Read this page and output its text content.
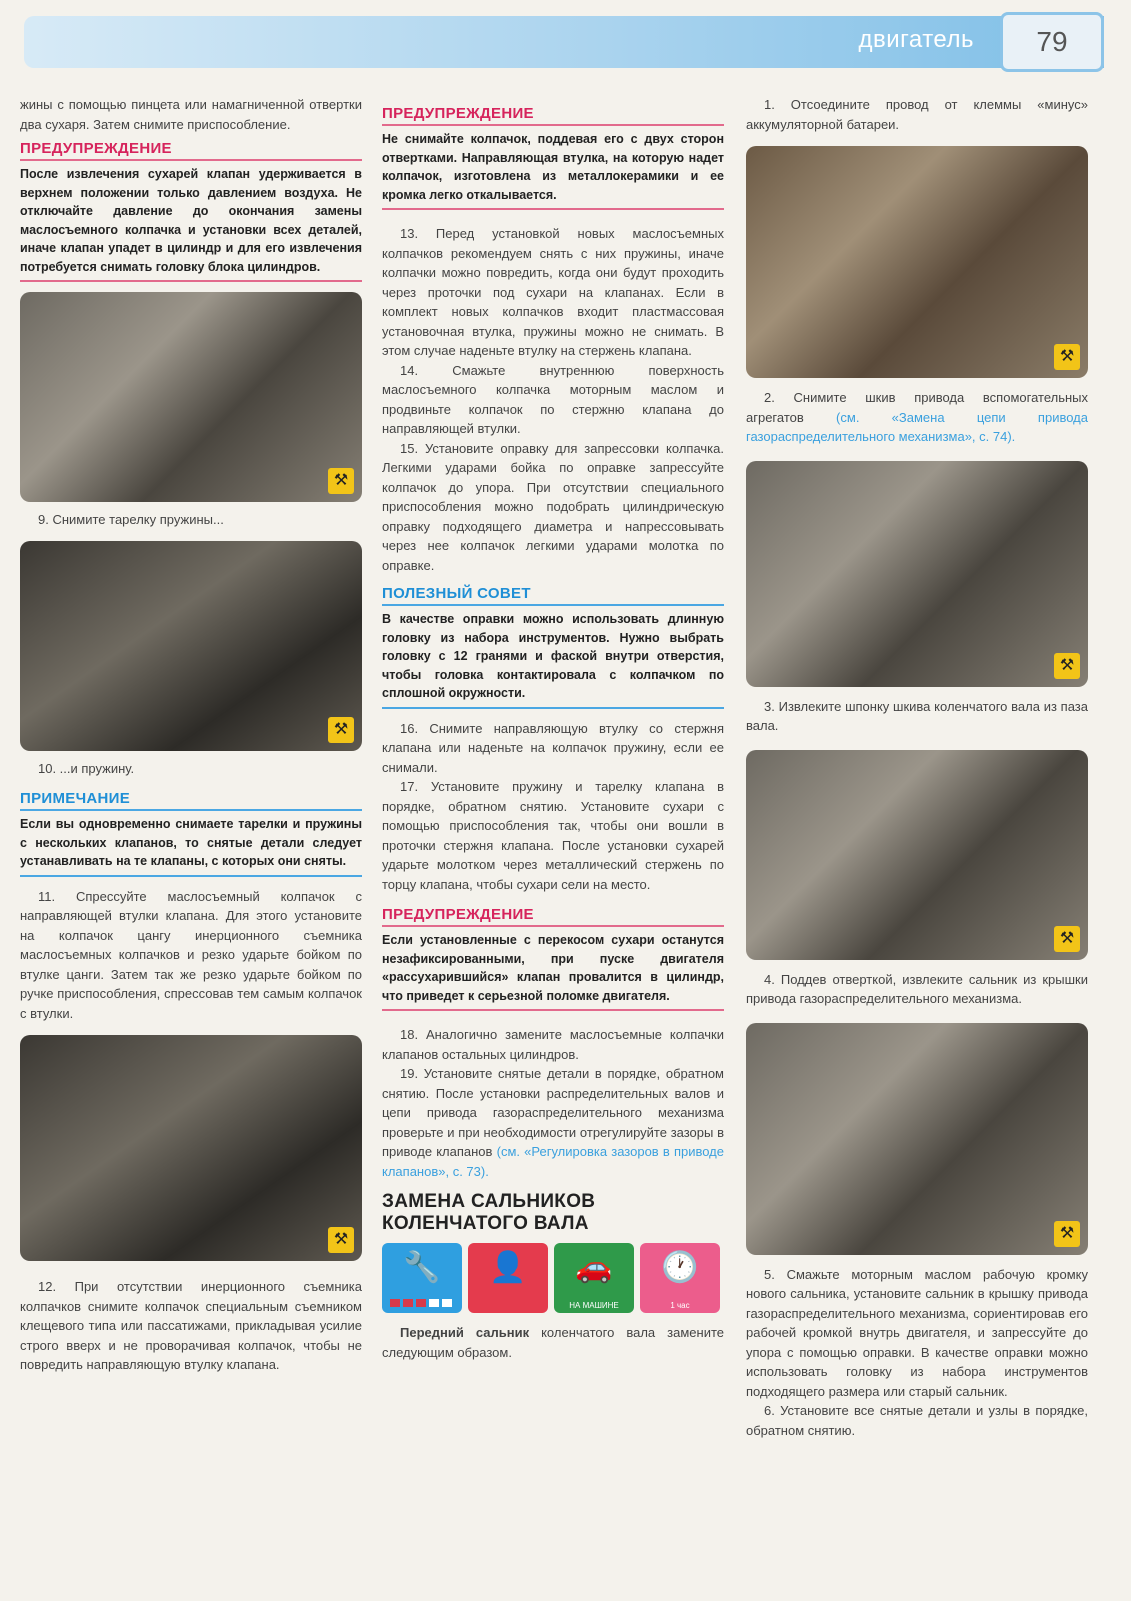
двигатель	79

жины с помощью пинцета или намагниченной отвертки два сухаря. Затем снимите приспособление.

ПРЕДУПРЕЖДЕНИЕ
После извлечения сухарей клапан удерживается в верхнем положении только давлением воздуха. Не отключайте давление до окончания замены маслосъемного колпачка и установки всех деталей, иначе клапан упадет в цилиндр и для его извлечения потребуется снимать головку блока цилиндров.
⚒
9. Снимите тарелку пружины...
⚒
10. ...и пружину.
ПРИМЕЧАНИЕ
Если вы одновременно снимаете тарелки и пружины с нескольких клапанов, то снятые детали следует устанавливать на те клапаны, с которых они сняты.

11. Спрессуйте маслосъемный колпачок с направляющей втулки клапана. Для этого установите на колпачок цангу инерционного съемника маслосъемных колпачков и резко ударьте бойком по втулке цанги. Затем так же резко ударьте бойком по ручке приспособления, спрессовав тем самым колпачок с втулки.

⚒

12. При отсутствии инерционного съемника колпачков снимите колпачок специальным съемником клещевого типа или пассатижами, прикладывая усилие строго вверх и не проворачивая колпачок, чтобы не повредить направляющую втулку клапана.

ПРЕДУПРЕЖДЕНИЕ
Не снимайте колпачок, поддевая его с двух сторон отвертками. Направляющая втулка, на которую надет колпачок, изготовлена из металлокерамики и ее кромка легко откалывается.

13. Перед установкой новых маслосъемных колпачков рекомендуем снять с них пружины, иначе колпачки можно повредить, когда они будут проходить через проточки под сухари на клапанах. Если в комплект новых колпачков входит пластмассовая установочная втулка, пружины можно не снимать. В этом случае наденьте втулку на стержень клапана.

14. Смажьте внутреннюю поверхность маслосъемного колпачка моторным маслом и продвиньте колпачок по стержню клапана до направляющей втулки.

15. Установите оправку для запрессовки колпачка. Легкими ударами бойка по оправке запрессуйте колпачок до упора. При отсутствии специального приспособления можно подобрать цилиндрическую оправку подходящего диаметра и напрессовывать через нее колпачок легкими ударами молотка по оправке.

ПОЛЕЗНЫЙ СОВЕТ
В качестве оправки можно использовать длинную головку из набора инструментов. Нужно выбрать головку с 12 гранями и фаской внутри отверстия, чтобы головка контактировала с колпачком по сплошной окружности.

16. Снимите направляющую втулку со стержня клапана или наденьте на колпачок пружину, если ее снимали.

17. Установите пружину и тарелку клапана в порядке, обратном снятию. Установите сухари с помощью приспособления так, чтобы они вошли в проточки стержня клапана. После установки сухарей ударьте молотком через металлический стержень по торцу клапана, чтобы сухари сели на место.

ПРЕДУПРЕЖДЕНИЕ
Если установленные с перекосом сухари останутся незафиксированными, при пуске двигателя «рассухарившийся» клапан провалится в цилиндр, что приведет к серьезной поломке двигателя.

18. Аналогично замените маслосъемные колпачки клапанов остальных цилиндров.

19. Установите снятые детали в порядке, обратном снятию. После установки распределительных валов и цепи привода газораспределительного механизма проверьте и при необходимости отрегулируйте зазоры в приводе клапанов (см. «Регулировка зазоров в приводе клапанов», с. 73).

ЗАМЕНА САЛЬНИКОВ КОЛЕНЧАТОГО ВАЛА
🔧	👤	🚗
НА МАШИНЕ
🕐
1 час

Передний сальник коленчатого вала замените следующим образом.

1. Отсоедините провод от клеммы «минус» аккумуляторной батареи.

⚒

2. Снимите шкив привода вспомогательных агрегатов (см. «Замена цепи привода газораспределительного механизма», с. 74).

⚒

3. Извлеките шпонку шкива коленчатого вала из паза вала.

⚒

4. Поддев отверткой, извлеките сальник из крышки привода газораспределительного механизма.

⚒

5. Смажьте моторным маслом рабочую кромку нового сальника, установите сальник в крышку привода газораспределительного механизма, сориентировав его рабочей кромкой внутрь двигателя, и запрессуйте до упора с помощью оправки. В качестве оправки можно использовать головку из набора инструментов подходящего размера или старый сальник.

6. Установите все снятые детали и узлы в порядке, обратном снятию.
